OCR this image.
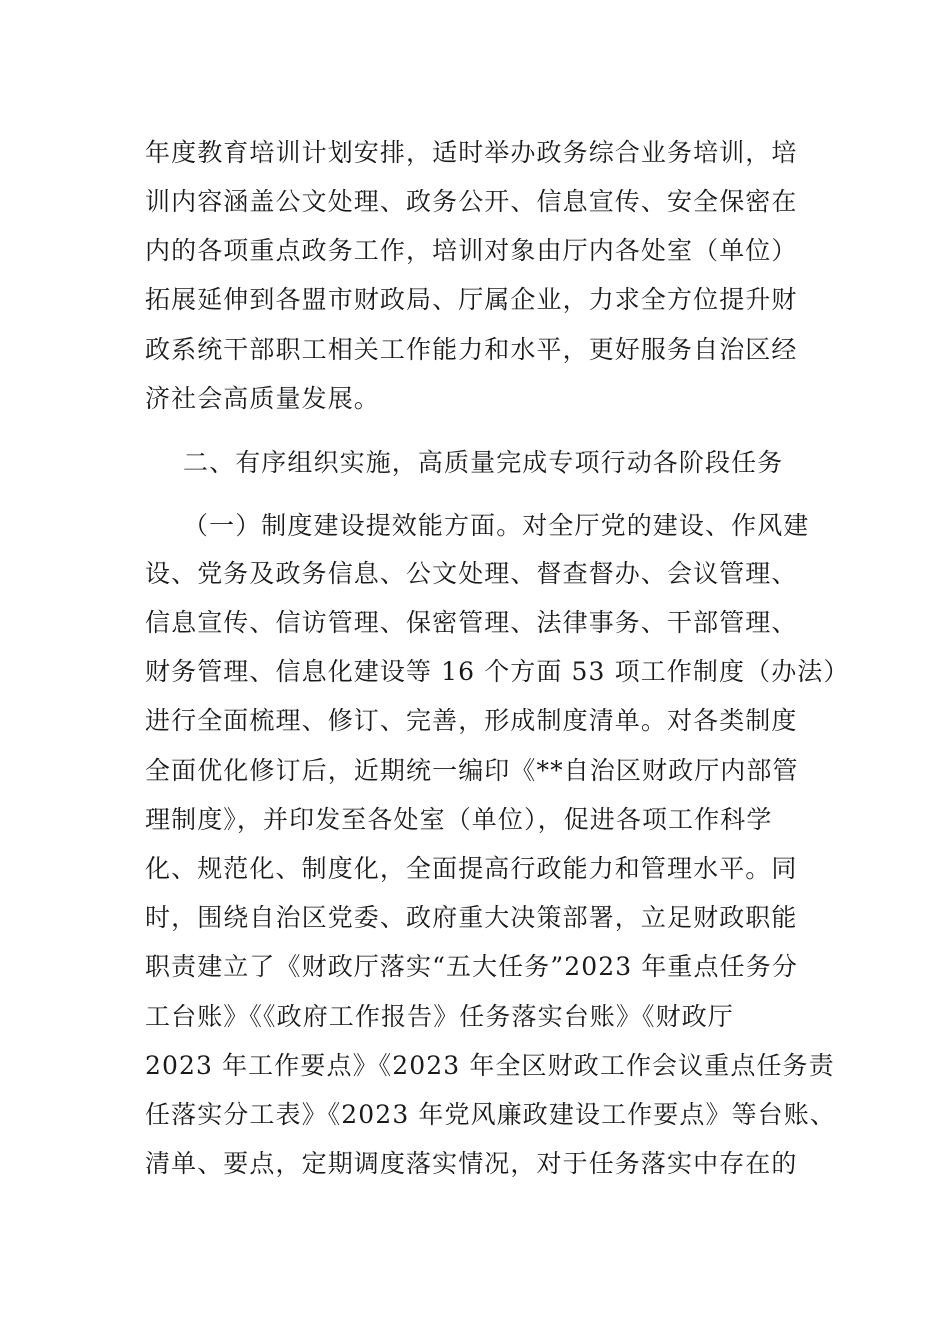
年度教育培训计划安排，适时举办政务综合业务培训，培
训内容涵盖公文处理、政务公开、信息宣传、安全保密在
内的各项重点政务工作，培训对象由厅内各处室（单位）
拓展延伸到各盟市财政局、厅属企业，力求全方位提升财
政系统干部职工相关工作能力和水平，更好服务自治区经
济社会高质量发展。
二、有序组织实施，高质量完成专项行动各阶段任务
（一）制度建设提效能方面。对全厅党的建设、作风建
设、党务及政务信息、公文处理、督查督办、会议管理、
信息宣传、信访管理、保密管理、法律事务、干部管理、
财务管理、信息化建设等 16 个方面 53 项工作制度（办法）
进行全面梳理、修订、完善，形成制度清单。对各类制度
全面优化修订后，近期统一编印《**自治区财政厅内部管
理制度》，并印发至各处室（单位），促进各项工作科学
化、规范化、制度化，全面提高行政能力和管理水平。同
时，围绕自治区党委、政府重大决策部署，立足财政职能
职责建立了《财政厅落实“五大任务”2023 年重点任务分
工台账》《《政府工作报告》任务落实台账》《财政厅
2023 年工作要点》《2023 年全区财政工作会议重点任务责
任落实分工表》《2023 年党风廉政建设工作要点》等台账、
清单、要点，定期调度落实情况，对于任务落实中存在的
